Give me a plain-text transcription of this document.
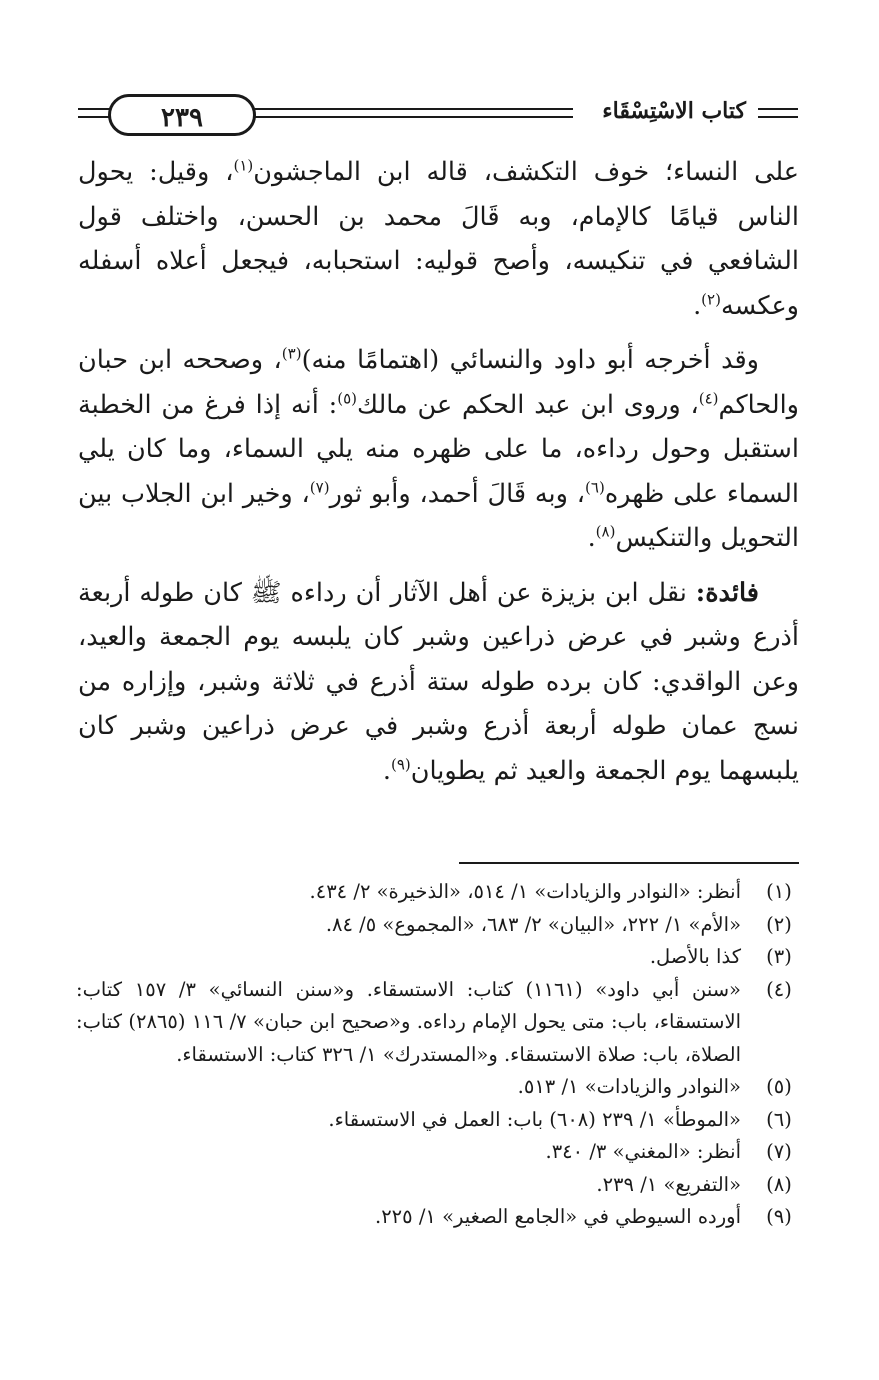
٢٣٩	كتاب الاسْتِسْقَاء

على النساء؛ خوف التكشف، قاله ابن الماجشون$^{(١)}$، وقيل: يحول الناس قيامًا كالإمام، وبه قَالَ محمد بن الحسن، واختلف قول الشافعي في تنكيسه، وأصح قوليه: استحبابه، فيجعل أعلاه أسفله وعكسه$^{(٢)}$.

وقد أخرجه أبو داود والنسائي (اهتمامًا منه)$^{(٣)}$، وصححه ابن حبان والحاكم$^{(٤)}$، وروى ابن عبد الحكم عن مالك$^{(٥)}$: أنه إذا فرغ من الخطبة استقبل وحول رداءه، ما على ظهره منه يلي السماء، وما كان يلي السماء على ظهره$^{(٦)}$، وبه قَالَ أحمد، وأبو ثور$^{(٧)}$، وخير ابن الجلاب بين التحويل والتنكيس$^{(٨)}$.

فائدة: نقل ابن بزيزة عن أهل الآثار أن رداءه ﷺ كان طوله أربعة أذرع وشبر في عرض ذراعين وشبر كان يلبسه يوم الجمعة والعيد، وعن الواقدي: كان برده طوله ستة أذرع في ثلاثة وشبر، وإزاره من نسج عمان طوله أربعة أذرع وشبر في عرض ذراعين وشبر كان يلبسهما يوم الجمعة والعيد ثم يطويان$^{(٩)}$.

(١)
أنظر: «النوادر والزيادات» ١/ ٥١٤، «الذخيرة» ٢/ ٤٣٤.
(٢)
«الأم» ١/ ٢٢٢، «البيان» ٢/ ٦٨٣، «المجموع» ٥/ ٨٤.
(٣)
كذا بالأصل.
(٤)
«سنن أبي داود» (١١٦١) كتاب: الاستسقاء. و«سنن النسائي» ٣/ ١٥٧ كتاب: الاستسقاء، باب: متى يحول الإمام رداءه. و«صحيح ابن حبان» ٧/ ١١٦ (٢٨٦٥) كتاب: الصلاة، باب: صلاة الاستسقاء. و«المستدرك» ١/ ٣٢٦ كتاب: الاستسقاء.
(٥)
«النوادر والزيادات» ١/ ٥١٣.
(٦)
«الموطأ» ١/ ٢٣٩ (٦٠٨) باب: العمل في الاستسقاء.
(٧)
أنظر: «المغني» ٣/ ٣٤٠.
(٨)
«التفريع» ١/ ٢٣٩.
(٩)
أورده السيوطي في «الجامع الصغير» ١/ ٢٢٥.
